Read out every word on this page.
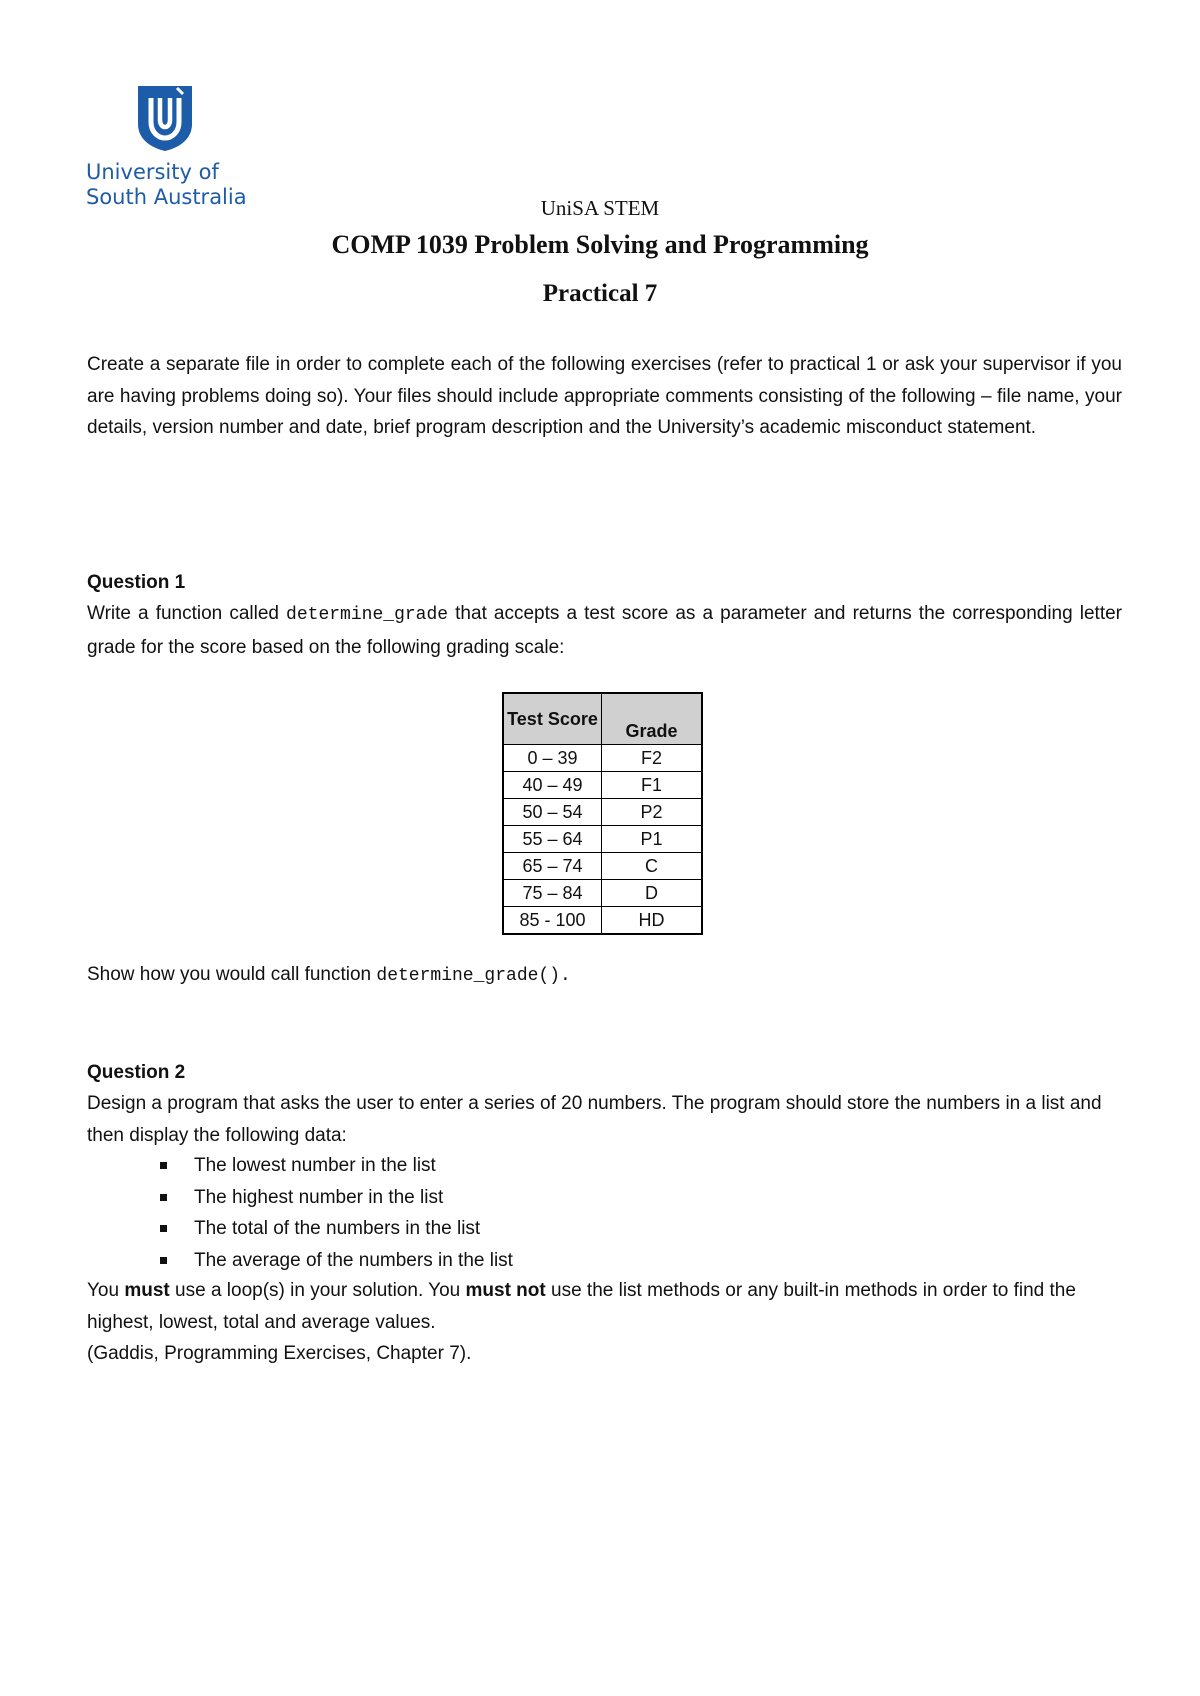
University of
South Australia	UniSA STEM
COMP 1039 Problem Solving and Programming
Practical 7
Create a separate file in order to complete each of the following exercises (refer to practical 1 or ask your supervisor if you are having problems doing so). Your files should include appropriate comments consisting of the following – file name, your details, version number and date, brief program description and the University’s academic misconduct statement.
Question 1
Write a function called determine_grade that accepts a test score as a parameter and returns the corresponding letter grade for the score based on the following grading scale:
Test Score	Grade
0 – 39	F2
40 – 49	F1
50 – 54	P2
55 – 64	P1
65 – 74	C
75 – 84	D
85 - 100	HD
Show how you would call function determine_grade().
Question 2
Design a program that asks the user to enter a series of 20 numbers. The program should store the numbers in a list and then display the following data:
The lowest number in the list
The highest number in the list
The total of the numbers in the list
The average of the numbers in the list
You must use a loop(s) in your solution. You must not use the list methods or any built-in methods in order to find the highest, lowest, total and average values.
(Gaddis, Programming Exercises, Chapter 7).
